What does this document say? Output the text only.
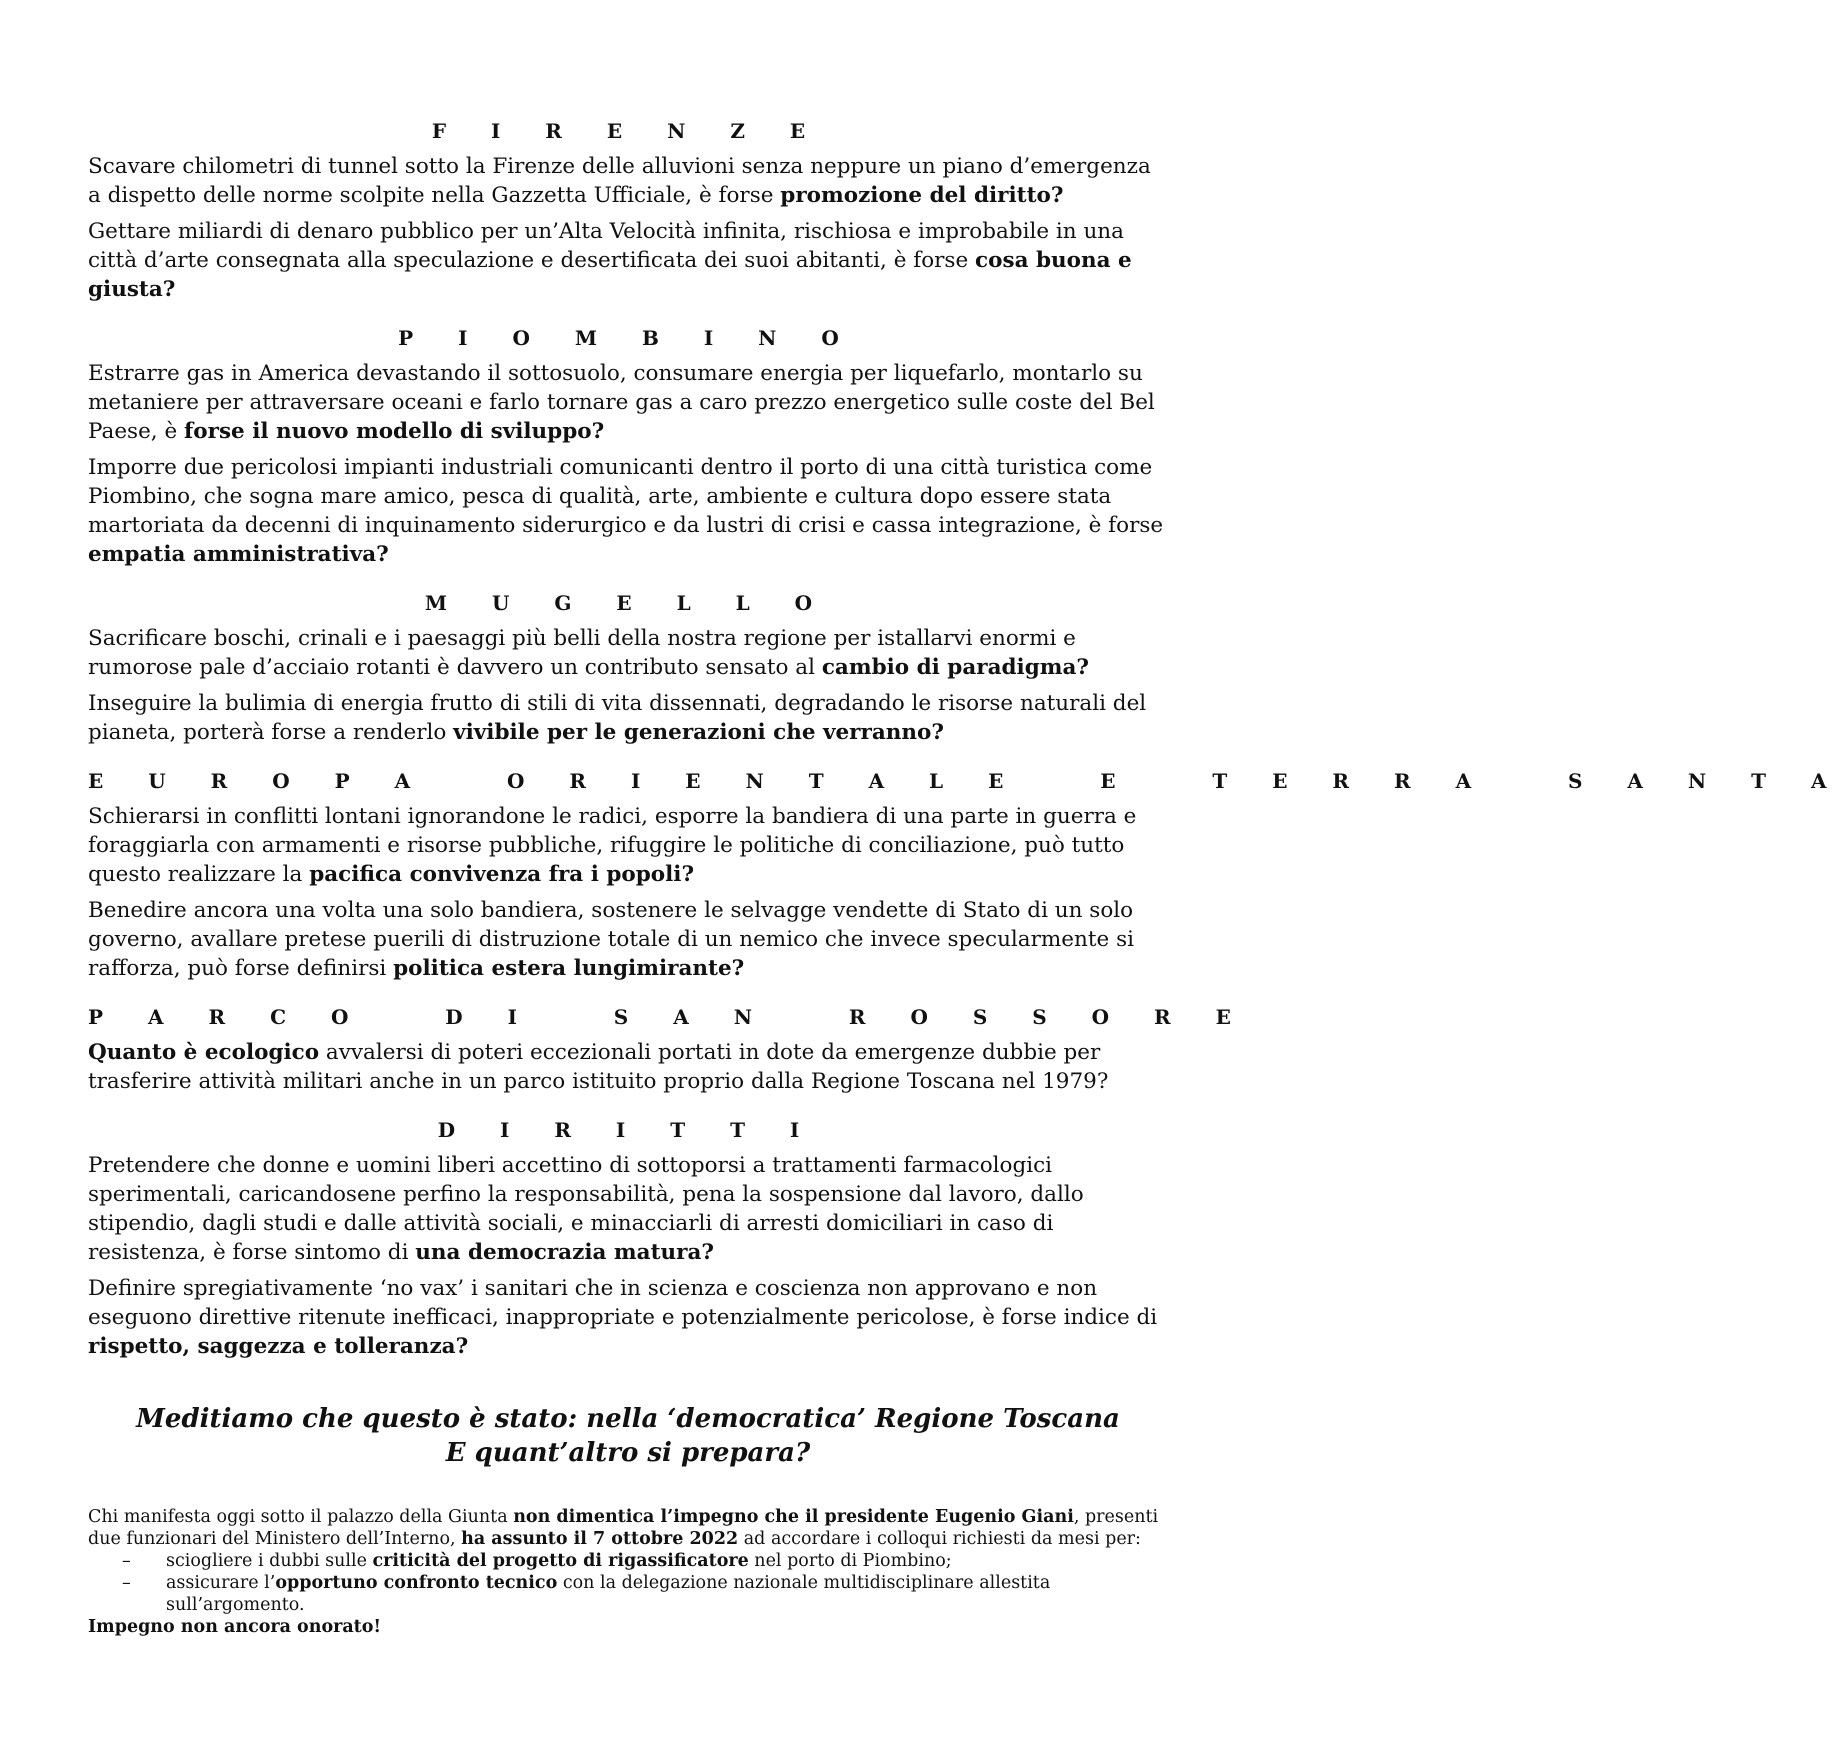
F I R E N Z E

Scavare chilometri di tunnel sotto la Firenze delle alluvioni senza neppure un piano d’emergenza a dispetto delle norme scolpite nella Gazzetta Ufficiale, è forse promozione del diritto?

Gettare miliardi di denaro pubblico per un’Alta Velocità infinita, rischiosa e improbabile in una città d’arte consegnata alla speculazione e desertificata dei suoi abitanti, è forse cosa buona e giusta?

P I O M B I N O

Estrarre gas in America devastando il sottosuolo, consumare energia per liquefarlo, montarlo su metaniere per attraversare oceani e farlo tornare gas a caro prezzo energetico sulle coste del Bel Paese, è forse il nuovo modello di sviluppo?

Imporre due pericolosi impianti industriali comunicanti dentro il porto di una città turistica come Piombino, che sogna mare amico, pesca di qualità, arte, ambiente e cultura dopo essere stata martoriata da decenni di inquinamento siderurgico e da lustri di crisi e cassa integrazione, è forse empatia amministrativa?

M U G E L L O

Sacrificare boschi, crinali e i paesaggi più belli della nostra regione per istallarvi enormi e rumorose pale d’acciaio rotanti è davvero un contributo sensato al cambio di paradigma?

Inseguire la bulimia di energia frutto di stili di vita dissennati, degradando le risorse naturali del pianeta, porterà forse a renderlo vivibile per le generazioni che verranno?

E U R O P A   O R I E N T A L E   E   T E R R A   S A N T A

Schierarsi in conflitti lontani ignorandone le radici, esporre la bandiera di una parte in guerra e foraggiarla con armamenti e risorse pubbliche, rifuggire le politiche di conciliazione, può tutto questo realizzare la pacifica convivenza fra i popoli?

Benedire ancora una volta una solo bandiera, sostenere le selvagge vendette di Stato di un solo governo, avallare pretese puerili di distruzione totale di un nemico che invece specularmente si rafforza, può forse definirsi politica estera lungimirante?

P A R C O   D I   S A N   R O S S O R E

Quanto è ecologico avvalersi di poteri eccezionali portati in dote da emergenze dubbie per trasferire attività militari anche in un parco istituito proprio dalla Regione Toscana nel 1979?

D I R I T T I

Pretendere che donne e uomini liberi accettino di sottoporsi a trattamenti farmacologici sperimentali, caricandosene perfino la responsabilità, pena la sospensione dal lavoro, dallo stipendio, dagli studi e dalle attività sociali, e minacciarli di arresti domiciliari in caso di resistenza, è forse sintomo di una democrazia matura?

Definire spregiativamente ‘no vax’ i sanitari che in scienza e coscienza non approvano e non eseguono direttive ritenute inefficaci, inappropriate e potenzialmente pericolose, è forse indice di rispetto, saggezza e tolleranza?

Meditiamo che questo è stato: nella ‘democratica’ Regione Toscana

E quant’altro si prepara?

Chi manifesta oggi sotto il palazzo della Giunta non dimentica l’impegno che il presidente Eugenio Giani, presenti due funzionari del Ministero dell’Interno, ha assunto il 7 ottobre 2022 ad accordare i colloqui richiesti da mesi per:

– sciogliere i dubbi sulle criticità del progetto di rigassificatore nel porto di Piombino;
– assicurare l’opportuno confronto tecnico con la delegazione nazionale multidisciplinare allestita sull’argomento.

Impegno non ancora onorato!
